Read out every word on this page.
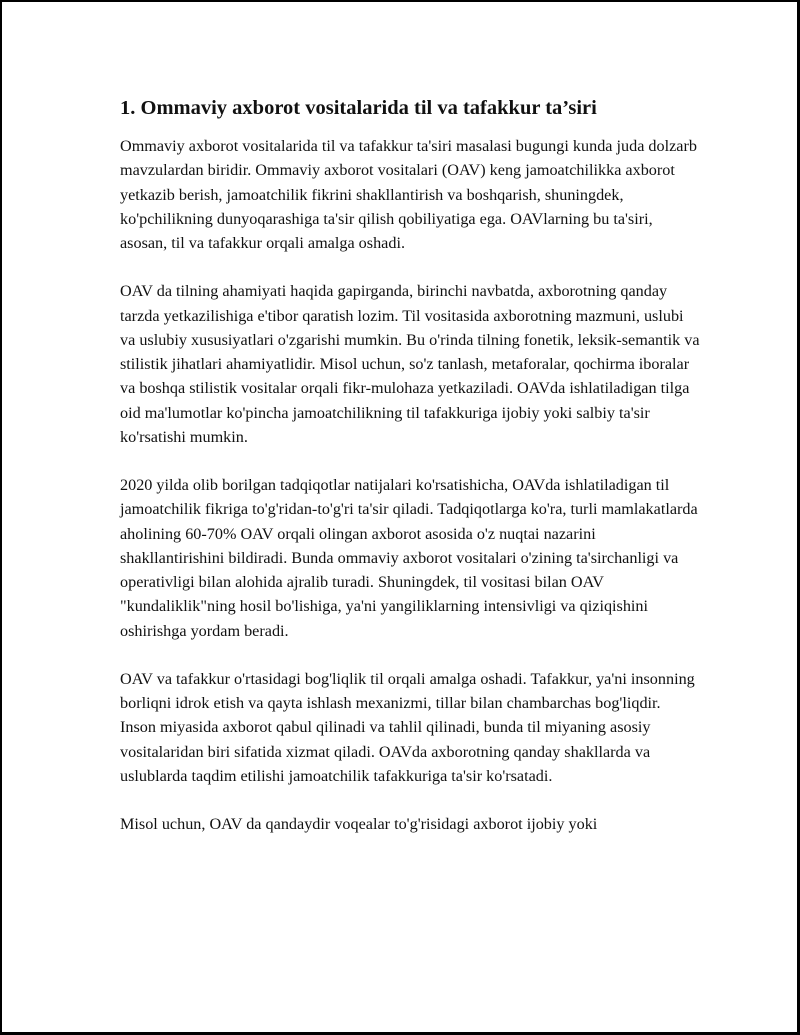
1. Ommaviy axborot vositalarida til va tafakkur ta’siri

Ommaviy axborot vositalarida til va tafakkur ta'siri masalasi bugungi kunda juda dolzarb mavzulardan biridir. Ommaviy axborot vositalari (OAV) keng jamoatchilikka axborot yetkazib berish, jamoatchilik fikrini shakllantirish va boshqarish, shuningdek, ko'pchilikning dunyoqarashiga ta'sir qilish qobiliyatiga ega. OAVlarning bu ta'siri, asosan, til va tafakkur orqali amalga oshadi.

OAV da tilning ahamiyati haqida gapirganda, birinchi navbatda, axborotning qanday tarzda yetkazilishiga e'tibor qaratish lozim. Til vositasida axborotning mazmuni, uslubi va uslubiy xususiyatlari o'zgarishi mumkin. Bu o'rinda tilning fonetik, leksik-semantik va stilistik jihatlari ahamiyatlidir. Misol uchun, so'z tanlash, metaforalar, qochirma iboralar va boshqa stilistik vositalar orqali fikr-mulohaza yetkaziladi. OAVda ishlatiladigan tilga oid ma'lumotlar ko'pincha jamoatchilikning til tafakkuriga ijobiy yoki salbiy ta'sir ko'rsatishi mumkin.

2020 yilda olib borilgan tadqiqotlar natijalari ko'rsatishicha, OAVda ishlatiladigan til jamoatchilik fikriga to'g'ridan-to'g'ri ta'sir qiladi. Tadqiqotlarga ko'ra, turli mamlakatlarda aholining 60-70% OAV orqali olingan axborot asosida o'z nuqtai nazarini shakllantirishini bildiradi. Bunda ommaviy axborot vositalari o'zining ta'sirchanligi va operativligi bilan alohida ajralib turadi. Shuningdek, til vositasi bilan OAV "kundaliklik"ning hosil bo'lishiga, ya'ni yangiliklarning intensivligi va qiziqishini oshirishga yordam beradi.

OAV va tafakkur o'rtasidagi bog'liqlik til orqali amalga oshadi. Tafakkur, ya'ni insonning borliqni idrok etish va qayta ishlash mexanizmi, tillar bilan chambarchas bog'liqdir. Inson miyasida axborot qabul qilinadi va tahlil qilinadi, bunda til miyaning asosiy vositalaridan biri sifatida xizmat qiladi. OAVda axborotning qanday shakllarda va uslublarda taqdim etilishi jamoatchilik tafakkuriga ta'sir ko'rsatadi.

Misol uchun, OAV da qandaydir voqealar to'g'risidagi axborot ijobiy yoki
